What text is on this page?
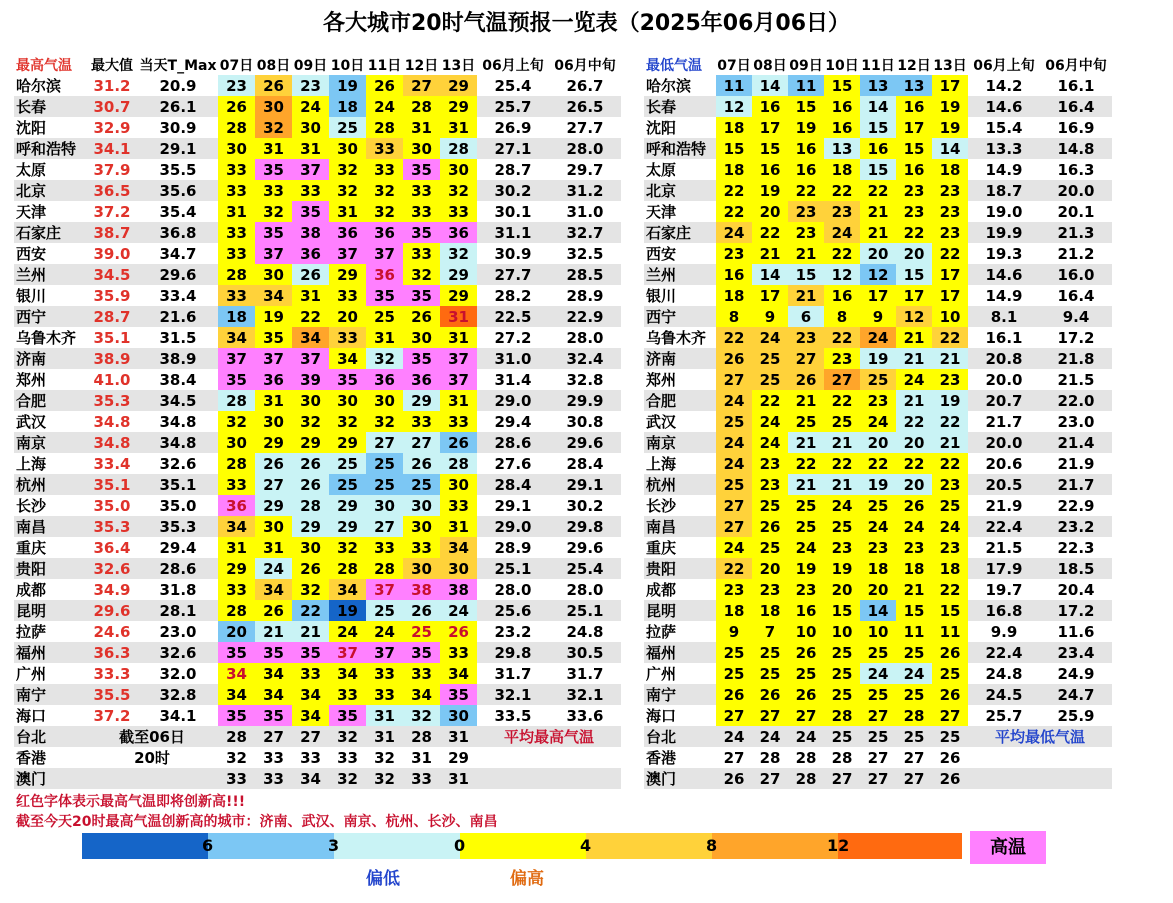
各大城市20时气温预报一览表（2025年06月06日）
最高气温	最大值	当天T_Max	07日	08日	09日	10日	11日	12日	13日	06月上旬	06月中旬
哈尔滨	31.2	20.9	23	26	23	19	26	27	29	25.4	26.7
长春	30.7	26.1	26	30	24	18	24	28	29	25.7	26.5
沈阳	32.9	30.9	28	32	30	25	28	31	31	26.9	27.7
呼和浩特	34.1	29.1	30	31	31	30	33	30	28	27.1	28.0
太原	37.9	35.5	33	35	37	32	33	35	30	28.7	29.7
北京	36.5	35.6	33	33	33	32	32	33	32	30.2	31.2
天津	37.2	35.4	31	32	35	31	32	33	33	30.1	31.0
石家庄	38.7	36.8	33	35	38	36	36	35	36	31.1	32.7
西安	39.0	34.7	33	37	36	37	37	33	32	30.9	32.5
兰州	34.5	29.6	28	30	26	29	36	32	29	27.7	28.5
银川	35.9	33.4	33	34	31	33	35	35	29	28.2	28.9
西宁	28.7	21.6	18	19	22	20	25	26	31	22.5	22.9
乌鲁木齐	35.1	31.5	34	35	34	33	31	30	31	27.2	28.0
济南	38.9	38.9	37	37	37	34	32	35	37	31.0	32.4
郑州	41.0	38.4	35	36	39	35	36	36	37	31.4	32.8
合肥	35.3	34.5	28	31	30	30	30	29	31	29.0	29.9
武汉	34.8	34.8	32	30	32	32	32	33	33	29.4	30.8
南京	34.8	34.8	30	29	29	29	27	27	26	28.6	29.6
上海	33.4	32.6	28	26	26	25	25	26	28	27.6	28.4
杭州	35.1	35.1	33	27	26	25	25	25	30	28.4	29.1
长沙	35.0	35.0	36	29	28	29	30	30	33	29.1	30.2
南昌	35.3	35.3	34	30	29	29	27	30	31	29.0	29.8
重庆	36.4	29.4	31	31	30	32	33	33	34	28.9	29.6
贵阳	32.6	28.6	29	24	26	28	28	30	30	25.1	25.4
成都	34.9	31.8	33	34	32	34	37	38	38	28.0	28.0
昆明	29.6	28.1	28	26	22	19	25	26	24	25.6	25.1
拉萨	24.6	23.0	20	21	21	24	24	25	26	23.2	24.8
福州	36.3	32.6	35	35	35	37	37	35	33	29.8	30.5
广州	33.3	32.0	34	34	33	34	33	33	34	31.7	31.7
南宁	35.5	32.8	34	34	34	33	33	34	35	32.1	32.1
海口	37.2	34.1	35	35	34	35	31	32	30	33.5	33.6
台北	截至06日		28	27	27	32	31	28	31	平均最高气温	
香港	20时		32	33	33	33	32	31	29		
澳门			33	33	34	32	32	33	31		
最低气温	07日	08日	09日	10日	11日	12日	13日	06月上旬	06月中旬
哈尔滨	11	14	11	15	13	13	17	14.2	16.1
长春	12	16	15	16	14	16	19	14.6	16.4
沈阳	18	17	19	16	15	17	19	15.4	16.9
呼和浩特	15	15	16	13	16	15	14	13.3	14.8
太原	18	16	16	18	15	16	18	14.9	16.3
北京	22	19	22	22	22	23	23	18.7	20.0
天津	22	20	23	23	21	23	23	19.0	20.1
石家庄	24	22	23	24	21	22	23	19.9	21.3
西安	23	21	21	22	20	20	22	19.3	21.2
兰州	16	14	15	12	12	15	17	14.6	16.0
银川	18	17	21	16	17	17	17	14.9	16.4
西宁	8	9	6	8	9	12	10	8.1	9.4
乌鲁木齐	22	24	23	22	24	21	22	16.1	17.2
济南	26	25	27	23	19	21	21	20.8	21.8
郑州	27	25	26	27	25	24	23	20.0	21.5
合肥	24	22	21	22	23	21	19	20.7	22.0
武汉	25	24	25	25	24	22	22	21.7	23.0
南京	24	24	21	21	20	20	21	20.0	21.4
上海	24	23	22	22	22	22	22	20.6	21.9
杭州	25	23	21	21	19	20	23	20.5	21.7
长沙	27	25	25	24	25	26	25	21.9	22.9
南昌	27	26	25	25	24	24	24	22.4	23.2
重庆	24	25	24	23	23	23	23	21.5	22.3
贵阳	22	20	19	19	18	18	18	17.9	18.5
成都	23	23	23	20	20	21	22	19.7	20.4
昆明	18	18	16	15	14	15	15	16.8	17.2
拉萨	9	7	10	10	10	11	11	9.9	11.6
福州	25	25	26	25	25	25	26	22.4	23.4
广州	25	25	25	25	24	24	25	24.8	24.9
南宁	26	26	26	25	25	25	26	24.5	24.7
海口	27	27	27	28	27	28	27	25.7	25.9
台北	24	24	24	25	25	25	25	平均最低气温	
香港	27	28	28	28	27	27	26		
澳门	26	27	28	27	27	27	26		
红色字体表示最高气温即将创新高!!!
截至今天20时最高气温创新高的城市：济南、武汉、南京、杭州、长沙、南昌
6	3	0	4	8	12	高温
偏低	偏高
